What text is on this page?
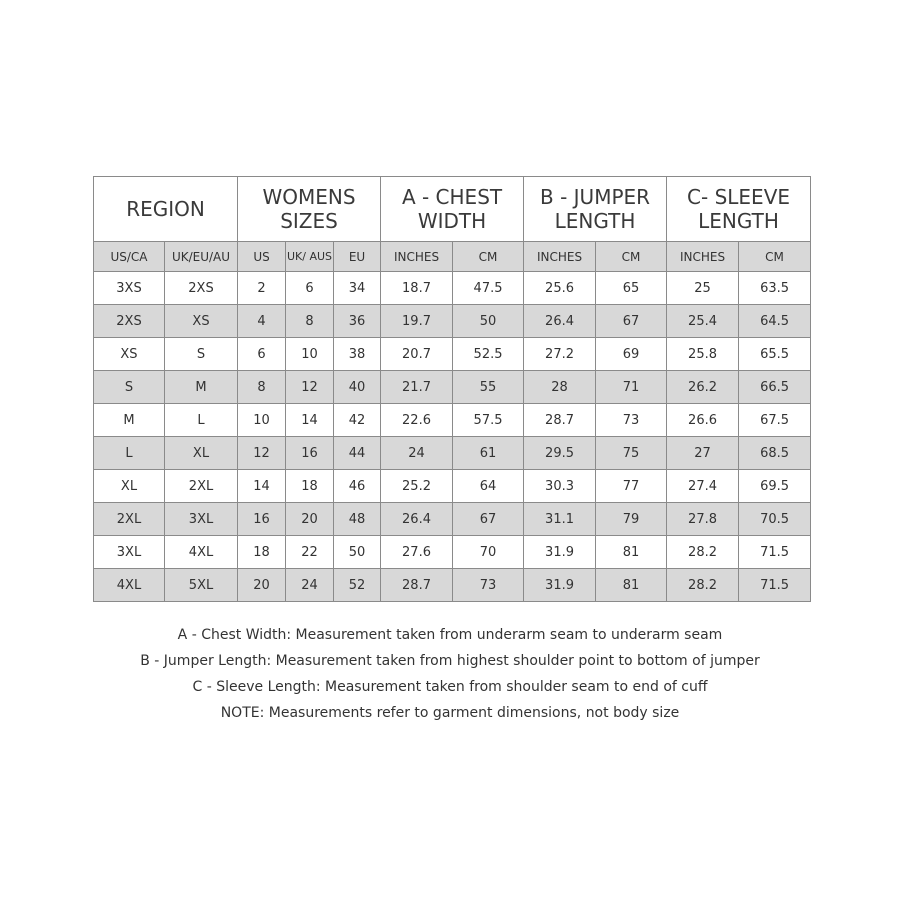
REGION		WOMENS SIZES			A - CHEST WIDTH		B - JUMPER LENGTH		C- SLEEVE LENGTH	
US/CA	UK/EU/AU	US	UK/ AUS	EU	INCHES	CM	INCHES	CM	INCHES	CM
3XS	2XS	2	6	34	18.7	47.5	25.6	65	25	63.5
2XS	XS	4	8	36	19.7	50	26.4	67	25.4	64.5
XS	S	6	10	38	20.7	52.5	27.2	69	25.8	65.5
S	M	8	12	40	21.7	55	28	71	26.2	66.5
M	L	10	14	42	22.6	57.5	28.7	73	26.6	67.5
L	XL	12	16	44	24	61	29.5	75	27	68.5
XL	2XL	14	18	46	25.2	64	30.3	77	27.4	69.5
2XL	3XL	16	20	48	26.4	67	31.1	79	27.8	70.5
3XL	4XL	18	22	50	27.6	70	31.9	81	28.2	71.5
4XL	5XL	20	24	52	28.7	73	31.9	81	28.2	71.5
A - Chest Width: Measurement taken from underarm seam to underarm seam
B - Jumper Length: Measurement taken from highest shoulder point to bottom of jumper
C - Sleeve Length: Measurement taken from shoulder seam to end of cuff
NOTE: Measurements refer to garment dimensions, not body size
